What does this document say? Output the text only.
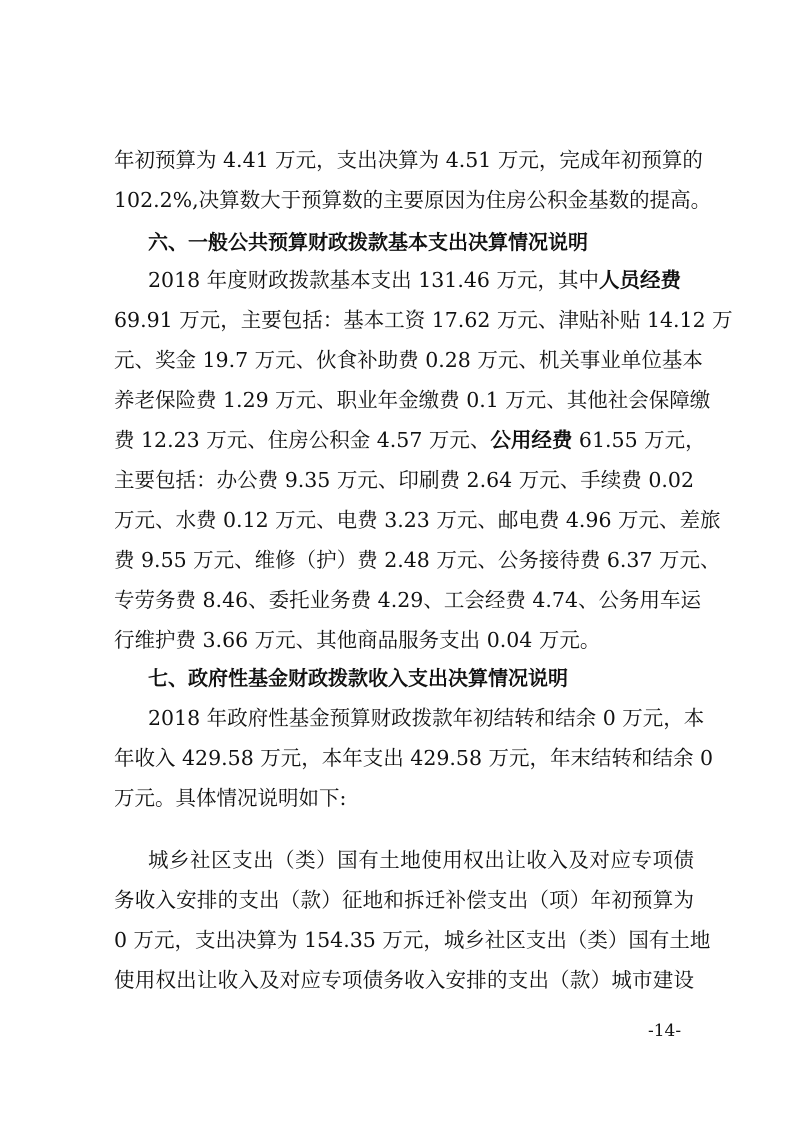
年初预算为 4.41 万元，支出决算为 4.51 万元，完成年初预算的
102.2%,决算数大于预算数的主要原因为住房公积金基数的提高。
六、一般公共预算财政拨款基本支出决算情况说明
2018 年度财政拨款基本支出 131.46 万元，其中人员经费
69.91 万元，主要包括：基本工资 17.62 万元、津贴补贴 14.12 万
元、奖金 19.7 万元、伙食补助费 0.28 万元、机关事业单位基本
养老保险费 1.29 万元、职业年金缴费 0.1 万元、其他社会保障缴
费 12.23 万元、住房公积金 4.57 万元、公用经费 61.55 万元，
主要包括：办公费 9.35 万元、印刷费 2.64 万元、手续费 0.02
万元、水费 0.12 万元、电费 3.23 万元、邮电费 4.96 万元、差旅
费 9.55 万元、维修（护）费 2.48 万元、公务接待费 6.37 万元、
专劳务费 8.46、委托业务费 4.29、工会经费 4.74、公务用车运
行维护费 3.66 万元、其他商品服务支出 0.04 万元。
七、政府性基金财政拨款收入支出决算情况说明
2018 年政府性基金预算财政拨款年初结转和结余 0 万元，本
年收入 429.58 万元，本年支出 429.58 万元，年末结转和结余 0
万元。具体情况说明如下:
城乡社区支出（类）国有土地使用权出让收入及对应专项债
务收入安排的支出（款）征地和拆迁补偿支出（项）年初预算为
0 万元，支出决算为 154.35 万元，城乡社区支出（类）国有土地
使用权出让收入及对应专项债务收入安排的支出（款）城市建设
-14-
